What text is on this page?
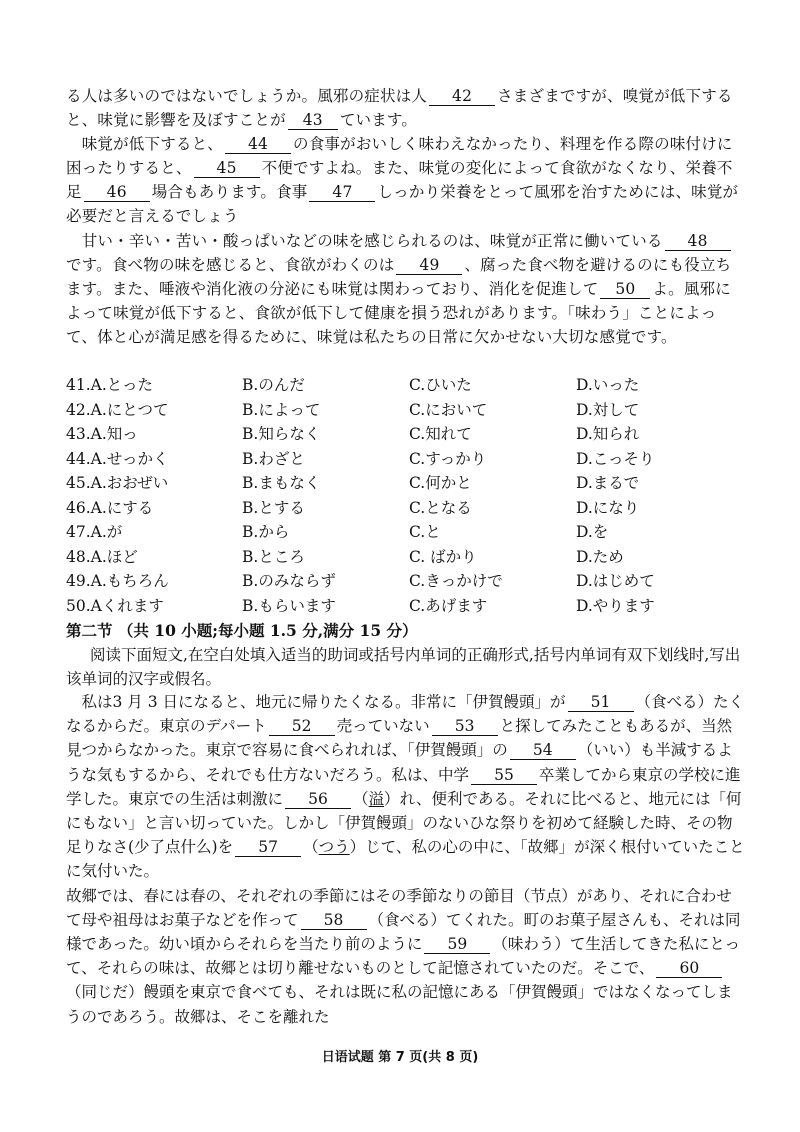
る人は多いのではないでしょうか。風邪の症状は人 42 さまざまですが、嗅覚が低下すると、味覚に影響を及ぼすことが 43 ています。

　味覚が低下すると、 44 の食事がおいしく味わえなかったり、料理を作る際の味付けに困ったりすると、 45 不便ですよね。また、味覚の変化によって食欲がなくなり、栄養不足 46 場合もあります。食事 47 しっかり栄養をとって風邪を治すためには、味覚が必要だと言えるでしょう

　甘い・辛い・苦い・酸っぱいなどの味を感じられるのは、味覚が正常に働いている 48です。食べ物の味を感じると、食欲がわくのは 49 、腐った食べ物を避けるのにも役立ちます。また、唾液や消化液の分泌にも味覚は関わっており、消化を促進して 50 よ。風邪によって味覚が低下すると、食欲が低下して健康を損う恐れがあります。「味わう」ことによって、体と心が満足感を得るために、味覚は私たちの日常に欠かせない大切な感覚です。

41.A.とった	B.のんだ	C.ひいた	D.いった
42.A.にとつて	B.によって	C.において	D.対して
43.A.知っ	B.知らなく	C.知れて	D.知られ
44.A.せっかく	B.わざと	C.すっかり	D.こっそり
45.A.おおぜい	B.まもなく	C.何かと	D.まるで
46.A.にする	B.とする	C.となる	D.になり
47.A.が	B.から	C.と	D.を
48.A.ほど	B.ところ	C. ばかり	D.ため
49.A.もちろん	B.のみならず	C.きっかけで	D.はじめて
50.Aくれます	B.もらいます	C.あげます	D.やります
第二节 （共 10 小题;每小题 1.5 分,满分 15 分）
阅读下面短文,在空白处填入适当的助词或括号内单词的正确形式,括号内单词有双下划线时,写出该单词的汉字或假名。

　私は3 月 3 日になると、地元に帰りたくなる。非常に「伊賀饅頭」が 51 （食べる）たくなるからだ。東京のデパート 52 売っていない 53 と探してみたこともあるが、当然見つからなかった。東京で容易に食べられれば、「伊賀饅頭」の 54 （いい）も半減するような気もするから、それでも仕方ないだろう。私は、中学 55 卒業してから東京の学校に進学した。東京での生活は刺激に 56 （溢）れ、便利である。それに比べると、地元には「何にもない」と言い切っていた。しかし「伊賀饅頭」のないひな祭りを初めて経験した時、その物足りなさ(少了点什么)を 57 （つう）じて、私の心の中に、「故郷」が深く根付いていたことに気付いた。

故郷では、春には春の、それぞれの季節にはその季節なりの節目（节点）があり、それに合わせて母や祖母はお菓子などを作って 58 （食べる）てくれた。町のお菓子屋さんも、それは同様であった。幼い頃からそれらを当たり前のように 59 （味わう）て生活してきた私にとって、それらの味は、故郷とは切り離せないものとして記憶されていたのだ。そこで、 60（同じだ）饅頭を東京で食べても、それは既に私の記憶にある「伊賀饅頭」ではなくなってしまうのであろう。故郷は、そこを離れた

日语试题 第 7 页(共 8 页)
